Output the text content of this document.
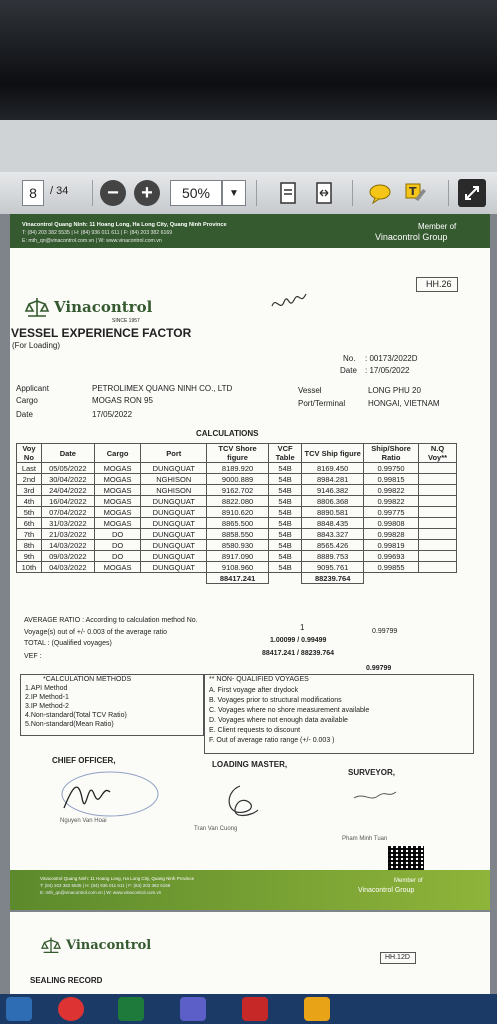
8	/ 34	−	+	50%	▼	T
Vinacontrol Quang Ninh: 11 Hoang Long, Ha Long City, Quang Ninh Province
T: (84) 203 382 5535 | H: (84) 936 011 611 | F: (84) 203 382 6169
E: mth_qn@vinacontrol.com.vn | W: www.vinacontrol.com.vn
Member of
Vinacontrol Group
HH.26
Vinacontrol
SINCE 1957
VESSEL EXPERIENCE FACTOR
(For Loading)
No. : 00173/2022D
Date : 17/05/2022
Applicant	PETROLIMEX QUANG NINH CO., LTD
Cargo	MOGAS RON 95
Date	17/05/2022
Vessel	LONG PHU 20
Port/Terminal	HONGAI, VIETNAM
CALCULATIONS
Voy No	Date	Cargo	Port	TCV Shore figure	VCF Table	TCV Ship figure	Ship/Shore Ratio	N.Q Voy**
Last	05/05/2022	MOGAS	DUNGQUAT	8189.920	54B	8169.450	0.99750	
2nd	30/04/2022	MOGAS	NGHISON	9000.889	54B	8984.281	0.99815	
3rd	24/04/2022	MOGAS	NGHISON	9162.702	54B	9146.382	0.99822	
4th	16/04/2022	MOGAS	DUNGQUAT	8822.080	54B	8806.368	0.99822	
5th	07/04/2022	MOGAS	DUNGQUAT	8910.620	54B	8890.581	0.99775	
6th	31/03/2022	MOGAS	DUNGQUAT	8865.500	54B	8848.435	0.99808	
7th	21/03/2022	DO	DUNGQUAT	8858.550	54B	8843.327	0.99828	
8th	14/03/2022	DO	DUNGQUAT	8580.930	54B	8565.426	0.99819	
9th	09/03/2022	DO	DUNGQUAT	8917.090	54B	8889.753	0.99693	
10th	04/03/2022	MOGAS	DUNGQUAT	9108.960	54B	9095.761	0.99855	
				88417.241		88239.764		
AVERAGE RATIO : According to calculation method No.
1	0.99799
Voyage(s) out of +/- 0.003 of the average ratio
1.00099 / 0.99499
TOTAL : (Qualified voyages)
88417.241 / 88239.764
VEF :
0.99799
*CALCULATION METHODS
1.API Method
2.IP Method-1
3.IP Method-2
4.Non-standard(Total TCV Ratio)
5.Non-standard(Mean Ratio)
** NON- QUALIFIED VOYAGES
A. First voyage after drydock
B. Voyages prior to structural modifications
C. Voyages where no shore measurement available
D. Voyages where not enough data available
E. Client requests to discount
F. Out of average ratio range (+/- 0.003 )
CHIEF OFFICER,	LOADING MASTER,
SURVEYOR,
Nguyen Van Hoai
Tran Van Cuong
Pham Minh Tuan
Vinacontrol Quang Ninh: 11 Hoang Long, Ha Long City, Quang Ninh Province
T: (84) 203 382 5535 | H: (84) 936 011 611 | F: (84) 203 382 6169
E: mth_qn@vinacontrol.com.vn | W: www.vinacontrol.com.vn
Member of
Vinacontrol Group
Vinacontrol
HH.12D
SEALING RECORD
